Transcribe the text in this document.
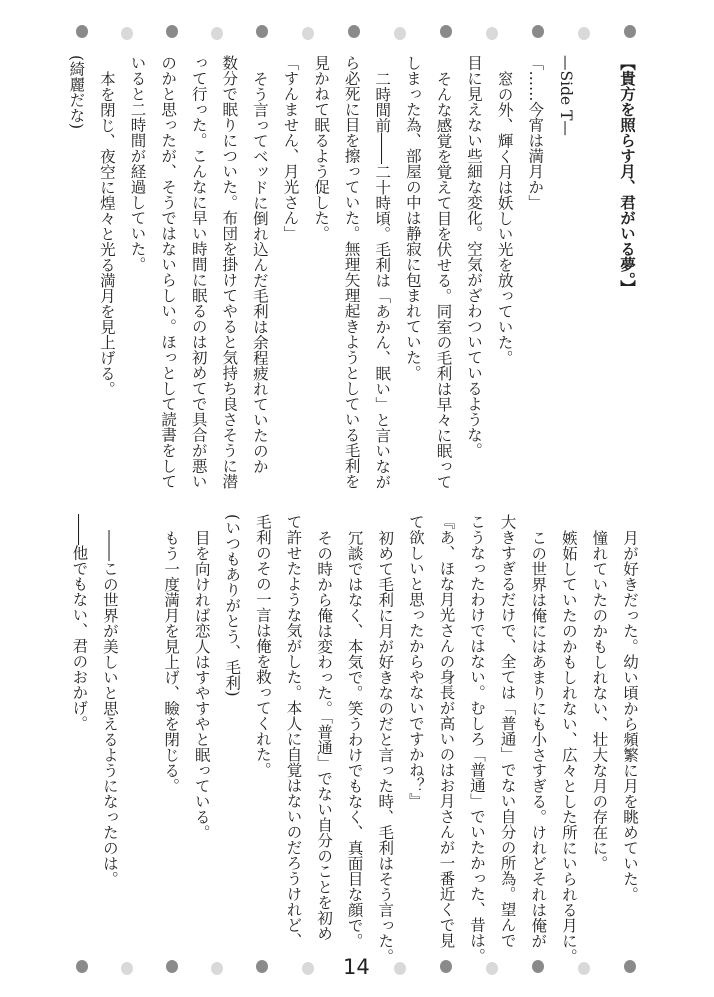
【貴方を照らす月、君がいる夢。】
—Side T—
「……今宵は満月か」
窓の外、輝く月は妖しい光を放っていた。
目に見えない些細な変化。空気がざわついているような。
そんな感覚を覚えて目を伏せる。同室の毛利は早々に眠って
しまった為、部屋の中は静寂に包まれていた。
二時間前――二十時頃。毛利は「あかん、眠い」と言いなが
ら必死に目を擦っていた。無理矢理起きようとしている毛利を
見かねて眠るよう促した。
「すんません、月光さん」
そう言ってベッドに倒れ込んだ毛利は余程疲れていたのか
数分で眠りについた。布団を掛けてやると気持ち良さそうに潜
って行った。こんなに早い時間に眠るのは初めてで具合が悪い
のかと思ったが、そうではないらしい。ほっとして読書をして
いると二時間が経過していた。
本を閉じ、夜空に煌々と光る満月を見上げる。
(綺麗だな)
月が好きだった。幼い頃から頻繁に月を眺めていた。
憧れていたのかもしれない、壮大な月の存在に。
嫉妬していたのかもしれない、広々とした所にいられる月に。
この世界は俺にはあまりにも小さすぎる。けれどそれは俺が
大きすぎるだけで、全ては「普通」でない自分の所為。望んで
こうなったわけではない。むしろ「普通」でいたかった、昔は。
『あ、ほな月光さんの身長が高いのはお月さんが一番近くで見
て欲しいと思ったからやないですかね？』
初めて毛利に月が好きなのだと言った時、毛利はそう言った。
冗談ではなく、本気で。笑うわけでもなく、真面目な顔で。
その時から俺は変わった。「普通」でない自分のことを初め
て許せたような気がした。本人に自覚はないのだろうけれど、
毛利のその一言は俺を救ってくれた。
(いつもありがとう、毛利)
目を向ければ恋人はすやすやと眠っている。
もう一度満月を見上げ、瞼を閉じる。
――この世界が美しいと思えるようになったのは。
――他でもない、君のおかげ。
14
